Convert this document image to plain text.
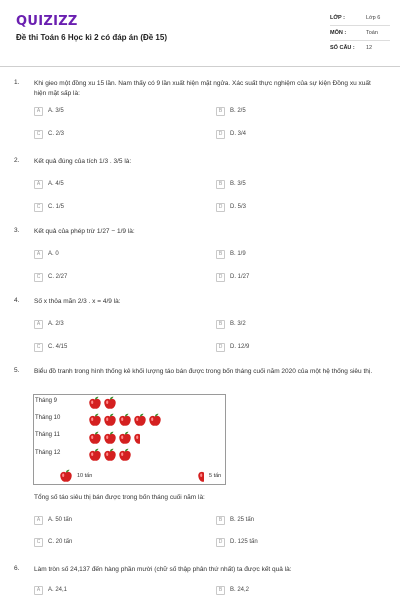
QUIZIZZ
Đề thi Toán 6 Học kì 2 có đáp án (Đề 15)
LỚP :	Lớp 6
MÔN :	Toán
SỐ CÂU : 12
1. Khi gieo một đồng xu 15 lần. Nam thấy có 9 lần xuất hiện mặt ngửa. Xác suất thực nghiệm của sự kiện Đồng xu xuất hiện mặt sấp là:
A	A. 3/5	B	B. 2/5
C	C. 2/3	D	D. 3/4
2. Kết quả đúng của tích 1/3 . 3/5 là:
A	A. 4/5	B	B. 3/5
C	C. 1/5	D	D. 5/3
3. Kết quả của phép trừ 1/27 − 1/9 là:
A	A. 0	B	B. 1/9
C	C. 2/27	D	D. 1/27
4. Số x thỏa mãn 2/3 . x = 4/9 là:
A	A. 2/3	B	B. 3/2
C	C. 4/15	D	D. 12/9
5. Biểu đồ tranh trong hình thống kê khối lượng táo bán được trong bốn tháng cuối năm 2020 của một hệ thống siêu thị.
Tổng số táo siêu thị bán được trong bốn tháng cuối năm là:
A	A. 50 tấn	B	B. 25 tấn
C	C. 20 tấn	D	D. 125 tấn
Tháng 9
Tháng 10
Tháng 11
Tháng 12
10 tấn	5 tấn
6. Làm tròn số 24,137 đến hàng phần mười (chữ số thập phân thứ nhất) ta được kết quả là:
A	A. 24,1	B	B. 24,2
